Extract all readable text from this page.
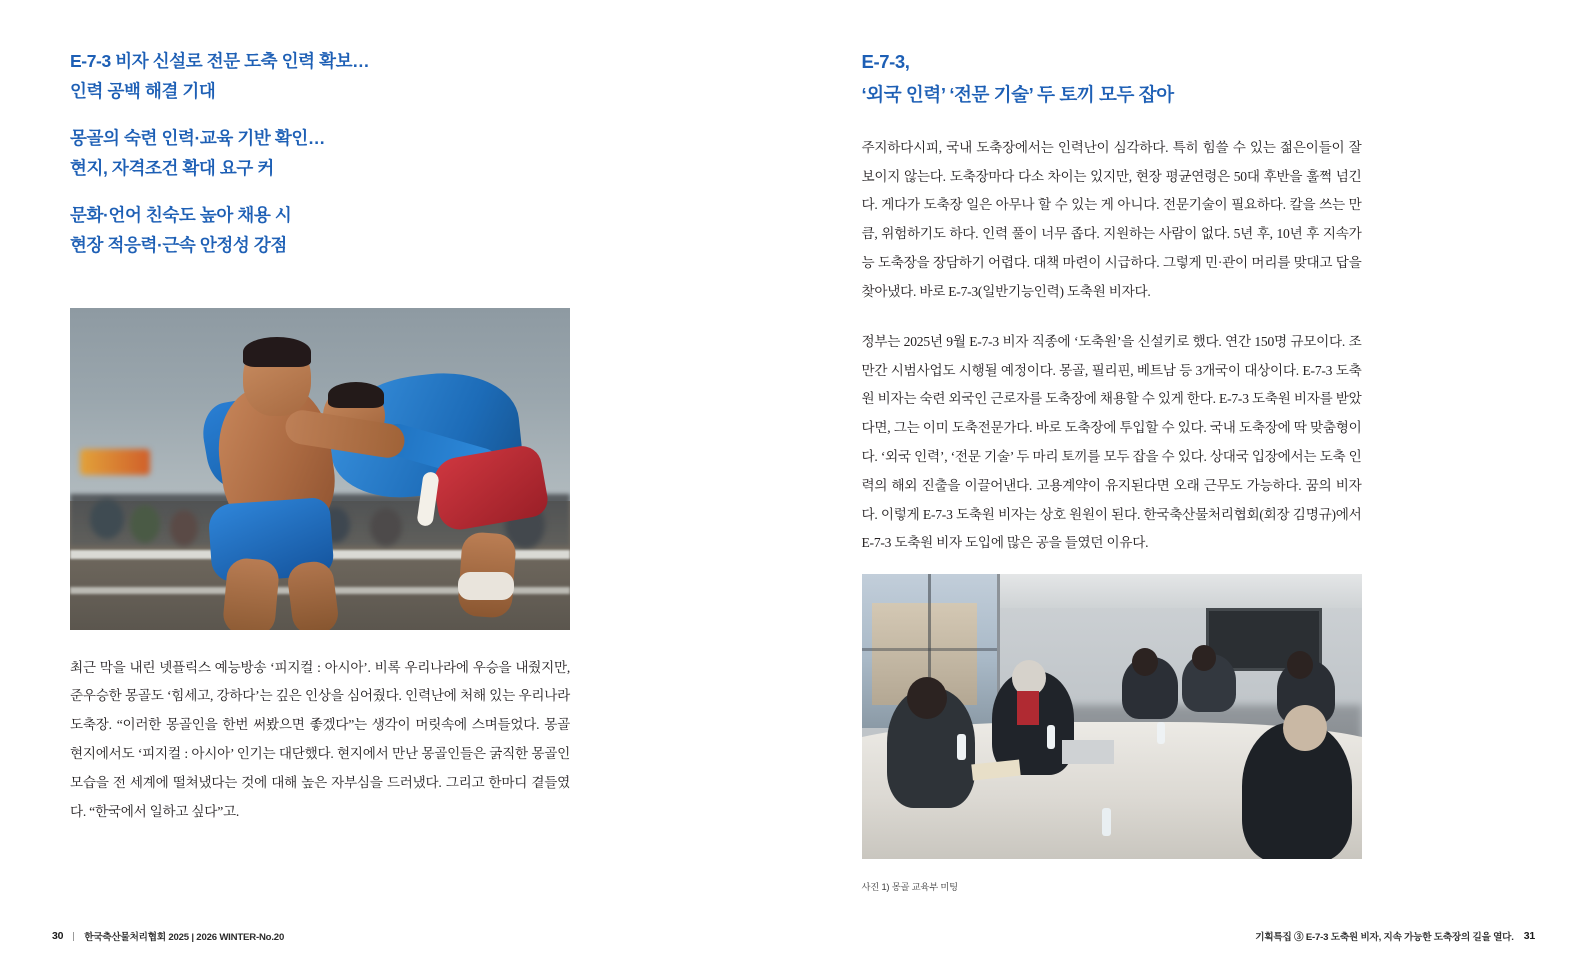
E-7-3 비자 신설로 전문 도축 인력 확보…
인력 공백 해결 기대
몽골의 숙련 인력·교육 기반 확인…
현지, 자격조건 확대 요구 커
문화·언어 친숙도 높아 채용 시
현장 적응력·근속 안정성 강점

최근 막을 내린 넷플릭스 예능방송 ‘피지컬 : 아시아’. 비록 우리나라에 우승을 내줬지만, 준우승한 몽골도 ‘힘세고, 강하다’는 깊은 인상을 심어줬다. 인력난에 처해 있는 우리나라 도축장. “이러한 몽골인을 한번 써봤으면 좋겠다”는 생각이 머릿속에 스며들었다. 몽골 현지에서도 ‘피지컬 : 아시아’ 인기는 대단했다. 현지에서 만난 몽골인들은 굵직한 몽골인 모습을 전 세계에 떨쳐냈다는 것에 대해 높은 자부심을 드러냈다. 그리고 한마디 곁들였다. “한국에서 일하고 싶다”고.

30 한국축산물처리협회 2025 | 2026 WINTER-No.20
E-7-3,
‘외국 인력’ ‘전문 기술’ 두 토끼 모두 잡아

주지하다시피, 국내 도축장에서는 인력난이 심각하다. 특히 힘쓸 수 있는 젊은이들이 잘 보이지 않는다. 도축장마다 다소 차이는 있지만, 현장 평균연령은 50대 후반을 훌쩍 넘긴다. 게다가 도축장 일은 아무나 할 수 있는 게 아니다. 전문기술이 필요하다. 칼을 쓰는 만큼, 위험하기도 하다. 인력 풀이 너무 좁다. 지원하는 사람이 없다. 5년 후, 10년 후 지속가능 도축장을 장담하기 어렵다. 대책 마련이 시급하다. 그렇게 민·관이 머리를 맞대고 답을 찾아냈다. 바로 E-7-3(일반기능인력) 도축원 비자다.

정부는 2025년 9월 E-7-3 비자 직종에 ‘도축원’을 신설키로 했다. 연간 150명 규모이다. 조만간 시범사업도 시행될 예정이다. 몽골, 필리핀, 베트남 등 3개국이 대상이다. E-7-3 도축원 비자는 숙련 외국인 근로자를 도축장에 채용할 수 있게 한다. E-7-3 도축원 비자를 받았다면, 그는 이미 도축전문가다. 바로 도축장에 투입할 수 있다. 국내 도축장에 딱 맞춤형이다. ‘외국 인력’, ‘전문 기술’ 두 마리 토끼를 모두 잡을 수 있다. 상대국 입장에서는 도축 인력의 해외 진출을 이끌어낸다. 고용계약이 유지된다면 오래 근무도 가능하다. 꿈의 비자다. 이렇게 E-7-3 도축원 비자는 상호 원원이 된다. 한국축산물처리협회(회장 김명규)에서 E-7-3 도축원 비자 도입에 많은 공을 들였던 이유다.

사진 1) 몽골 교육부 미팅
기획특집 ③ E-7-3 도축원 비자, 지속 가능한 도축장의 길을 열다. 31
